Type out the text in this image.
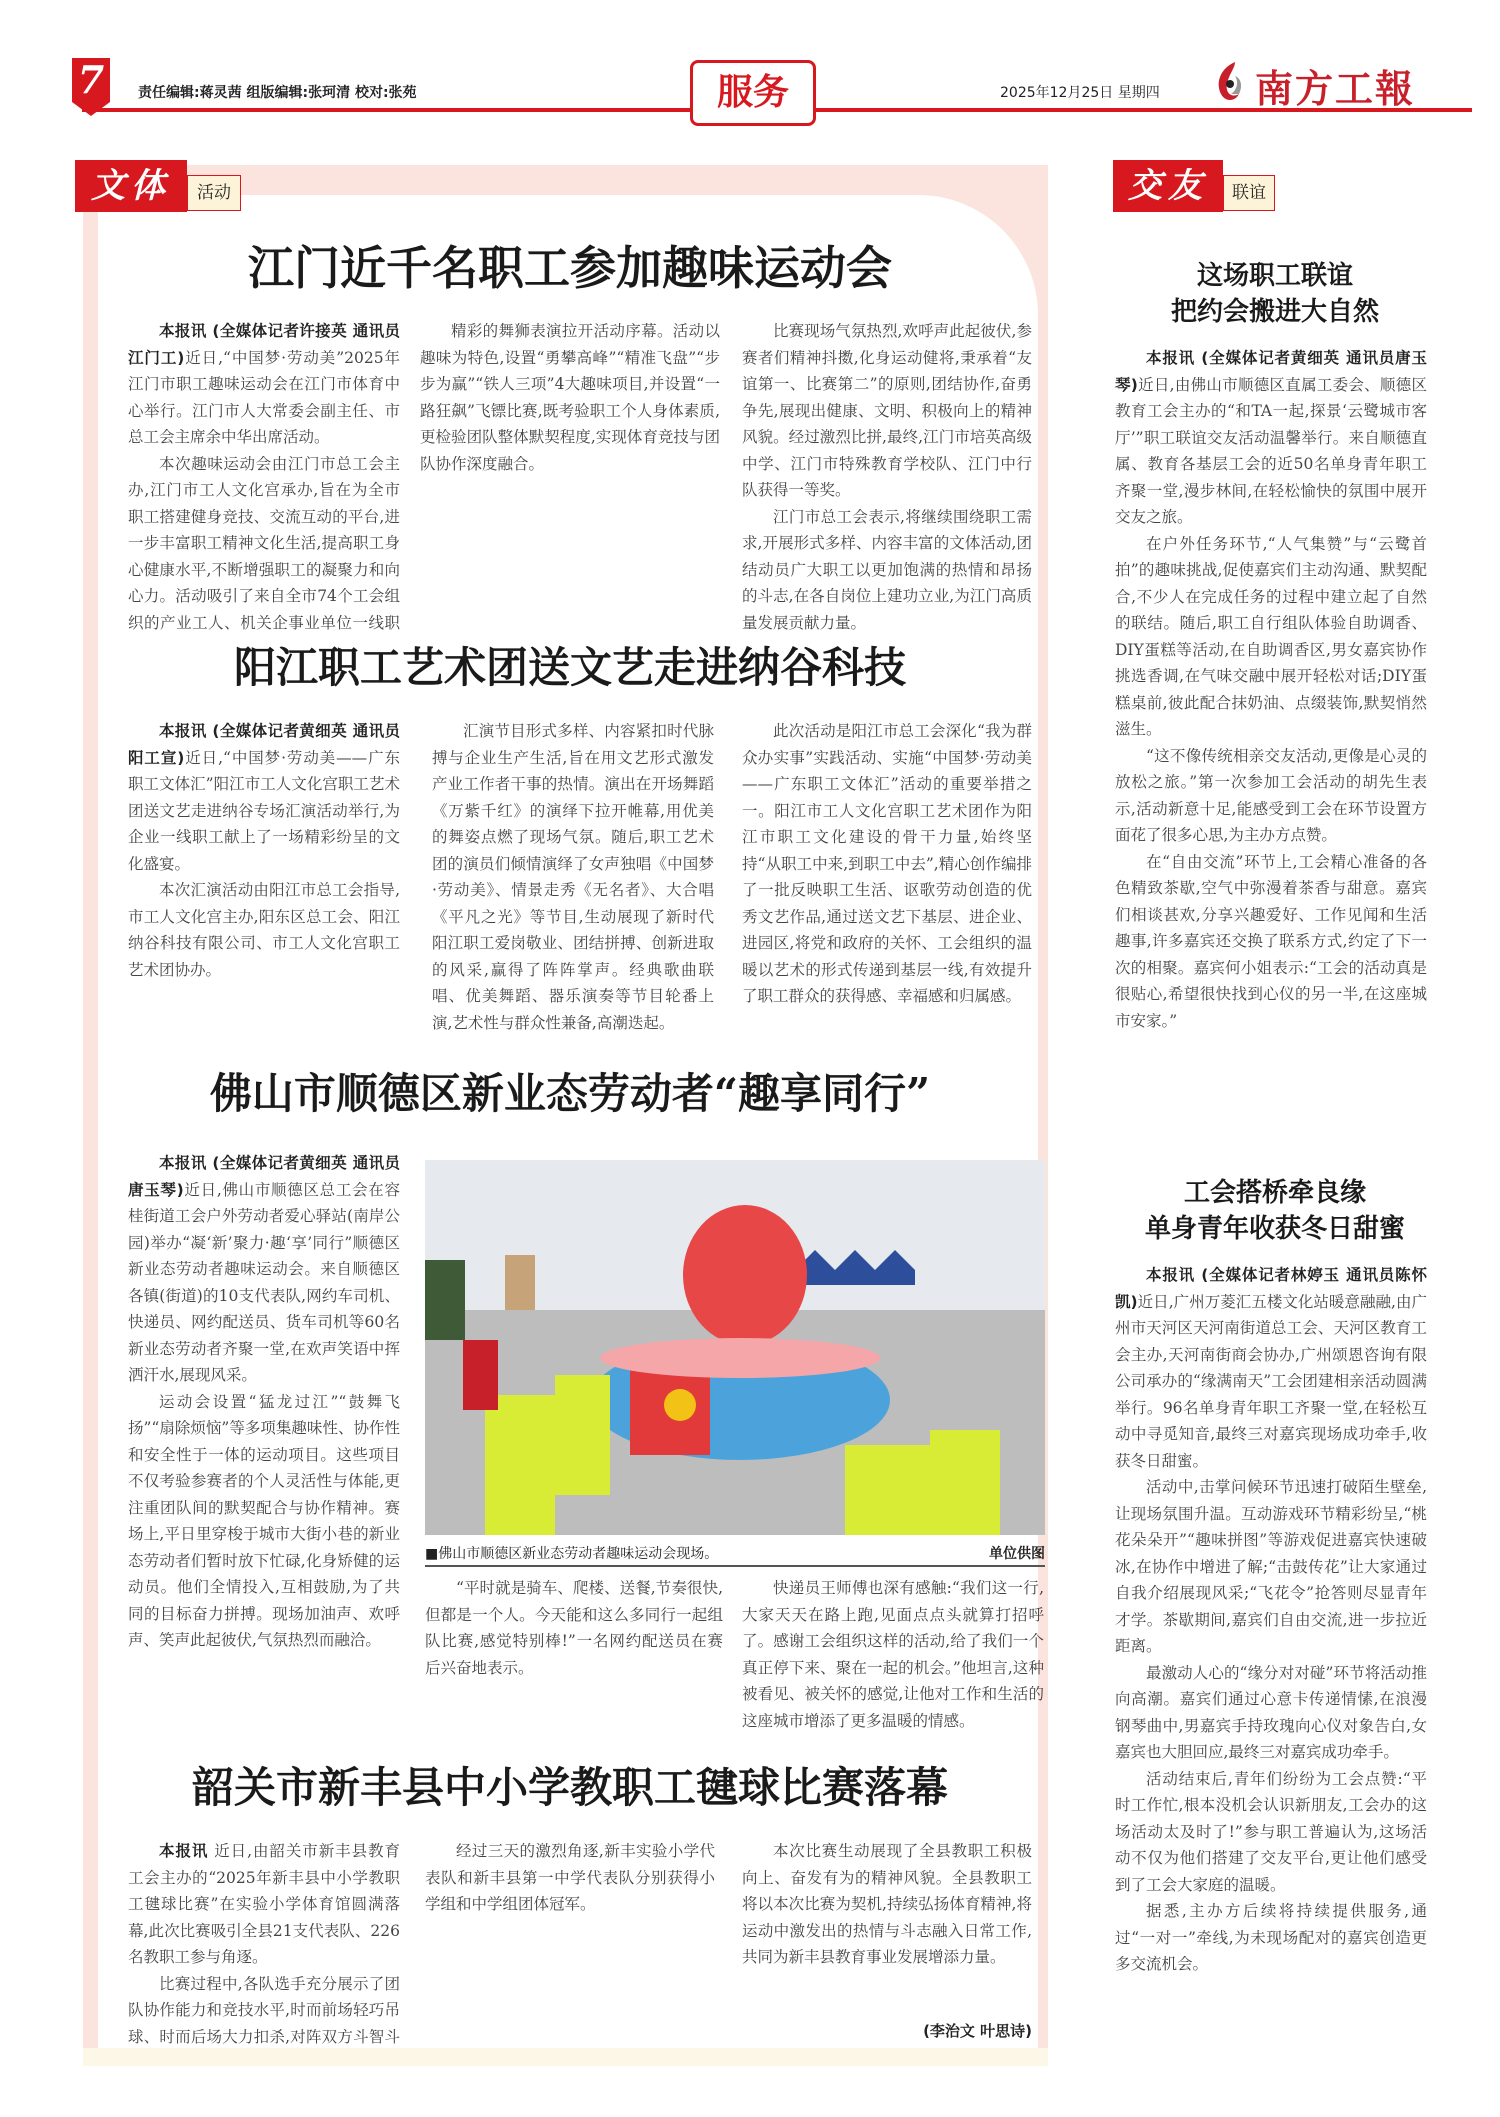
7	责任编辑:蒋灵茜 组版编辑:张珂清 校对:张苑	服务	2025年12月25日 星期四	南方工報
文体	活动
江门近千名职工参加趣味运动会

本报讯 (全媒体记者许接英 通讯员江门工)近日,“中国梦·劳动美”2025年江门市职工趣味运动会在江门市体育中心举行。江门市人大常委会副主任、市总工会主席余中华出席活动。

本次趣味运动会由江门市总工会主办,江门市工人文化宫承办,旨在为全市职工搭建健身竞技、交流互动的平台,进一步丰富职工精神文化生活,提高职工身心健康水平,不断增强职工的凝聚力和向心力。活动吸引了来自全市74个工会组织的产业工人、机关企事业单位一线职

精彩的舞狮表演拉开活动序幕。活动以趣味为特色,设置“勇攀高峰”“精准飞盘”“步步为赢”“铁人三项”4大趣味项目,并设置“一路狂飙”飞镖比赛,既考验职工个人身体素质,更检验团队整体默契程度,实现体育竞技与团队协作深度融合。

比赛现场气氛热烈,欢呼声此起彼伏,参赛者们精神抖擞,化身运动健将,秉承着“友谊第一、比赛第二”的原则,团结协作,奋勇争先,展现出健康、文明、积极向上的精神风貌。经过激烈比拼,最终,江门市培英高级中学、江门市特殊教育学校队、江门中行队获得一等奖。

江门市总工会表示,将继续围绕职工需求,开展形式多样、内容丰富的文体活动,团结动员广大职工以更加饱满的热情和昂扬的斗志,在各自岗位上建功立业,为江门高质量发展贡献力量。

阳江职工艺术团送文艺走进纳谷科技

本报讯 (全媒体记者黄细英 通讯员阳工宣)近日,“中国梦·劳动美——广东职工文体汇”阳江市工人文化宫职工艺术团送文艺走进纳谷专场汇演活动举行,为企业一线职工献上了一场精彩纷呈的文化盛宴。

本次汇演活动由阳江市总工会指导,市工人文化宫主办,阳东区总工会、阳江纳谷科技有限公司、市工人文化宫职工艺术团协办。

汇演节目形式多样、内容紧扣时代脉搏与企业生产生活,旨在用文艺形式激发产业工作者干事的热情。演出在开场舞蹈《万紫千红》的演绎下拉开帷幕,用优美的舞姿点燃了现场气氛。随后,职工艺术团的演员们倾情演绎了女声独唱《中国梦·劳动美》、情景走秀《无名者》、大合唱《平凡之光》等节目,生动展现了新时代阳江职工爱岗敬业、团结拼搏、创新进取的风采,赢得了阵阵掌声。经典歌曲联唱、优美舞蹈、器乐演奏等节目轮番上演,艺术性与群众性兼备,高潮迭起。

此次活动是阳江市总工会深化“我为群众办实事”实践活动、实施“中国梦·劳动美——广东职工文体汇”活动的重要举措之一。阳江市工人文化宫职工艺术团作为阳江市职工文化建设的骨干力量,始终坚持“从职工中来,到职工中去”,精心创作编排了一批反映职工生活、讴歌劳动创造的优秀文艺作品,通过送文艺下基层、进企业、进园区,将党和政府的关怀、工会组织的温暖以艺术的形式传递到基层一线,有效提升了职工群众的获得感、幸福感和归属感。

佛山市顺德区新业态劳动者“趣享同行”

本报讯 (全媒体记者黄细英 通讯员唐玉琴)近日,佛山市顺德区总工会在容桂街道工会户外劳动者爱心驿站(南岸公园)举办“凝‘新’聚力·趣‘享’同行”顺德区新业态劳动者趣味运动会。来自顺德区各镇(街道)的10支代表队,网约车司机、快递员、网约配送员、货车司机等60名新业态劳动者齐聚一堂,在欢声笑语中挥洒汗水,展现风采。

运动会设置“猛龙过江”“鼓舞飞扬”“扇除烦恼”等多项集趣味性、协作性和安全性于一体的运动项目。这些项目不仅考验参赛者的个人灵活性与体能,更注重团队间的默契配合与协作精神。赛场上,平日里穿梭于城市大街小巷的新业态劳动者们暂时放下忙碌,化身矫健的运动员。他们全情投入,互相鼓励,为了共同的目标奋力拼搏。现场加油声、欢呼声、笑声此起彼伏,气氛热烈而融洽。

■佛山市顺德区新业态劳动者趣味运动会现场。	单位供图

“平时就是骑车、爬楼、送餐,节奏很快,但都是一个人。今天能和这么多同行一起组队比赛,感觉特别棒!”一名网约配送员在赛后兴奋地表示。

快递员王师傅也深有感触:“我们这一行,大家天天在路上跑,见面点点头就算打招呼了。感谢工会组织这样的活动,给了我们一个真正停下来、聚在一起的机会。”他坦言,这种被看见、被关怀的感觉,让他对工作和生活的这座城市增添了更多温暖的情感。

韶关市新丰县中小学教职工毽球比赛落幕

本报讯 近日,由韶关市新丰县教育工会主办的“2025年新丰县中小学教职工毽球比赛”在实验小学体育馆圆满落幕,此次比赛吸引全县21支代表队、226名教职工参与角逐。

比赛过程中,各队选手充分展示了团队协作能力和竞技水平,时而前场轻巧吊球、时而后场大力扣杀,对阵双方斗智斗

经过三天的激烈角逐,新丰实验小学代表队和新丰县第一中学代表队分别获得小学组和中学组团体冠军。

本次比赛生动展现了全县教职工积极向上、奋发有为的精神风貌。全县教职工将以本次比赛为契机,持续弘扬体育精神,将运动中激发出的热情与斗志融入日常工作,共同为新丰县教育事业发展增添力量。

(李治文 叶思诗)
交友	联谊
这场职工联谊
把约会搬进大自然

本报讯 (全媒体记者黄细英 通讯员唐玉琴)近日,由佛山市顺德区直属工委会、顺德区教育工会主办的“和TA一起,探景‘云鹭城市客厅’”职工联谊交友活动温馨举行。来自顺德直属、教育各基层工会的近50名单身青年职工齐聚一堂,漫步林间,在轻松愉快的氛围中展开交友之旅。

在户外任务环节,“人气集赞”与“云鹭首拍”的趣味挑战,促使嘉宾们主动沟通、默契配合,不少人在完成任务的过程中建立起了自然的联结。随后,职工自行组队体验自助调香、DIY蛋糕等活动,在自助调香区,男女嘉宾协作挑选香调,在气味交融中展开轻松对话;DIY蛋糕桌前,彼此配合抹奶油、点缀装饰,默契悄然滋生。

“这不像传统相亲交友活动,更像是心灵的放松之旅。”第一次参加工会活动的胡先生表示,活动新意十足,能感受到工会在环节设置方面花了很多心思,为主办方点赞。

在“自由交流”环节上,工会精心准备的各色精致茶歇,空气中弥漫着茶香与甜意。嘉宾们相谈甚欢,分享兴趣爱好、工作见闻和生活趣事,许多嘉宾还交换了联系方式,约定了下一次的相聚。嘉宾何小姐表示:“工会的活动真是很贴心,希望很快找到心仪的另一半,在这座城市安家。”

工会搭桥牵良缘
单身青年收获冬日甜蜜

本报讯 (全媒体记者林婷玉 通讯员陈怀凯)近日,广州万菱汇五楼文化站暖意融融,由广州市天河区天河南街道总工会、天河区教育工会主办,天河南街商会协办,广州颂恩咨询有限公司承办的“缘满南天”工会团建相亲活动圆满举行。96名单身青年职工齐聚一堂,在轻松互动中寻觅知音,最终三对嘉宾现场成功牵手,收获冬日甜蜜。

活动中,击掌问候环节迅速打破陌生壁垒,让现场氛围升温。互动游戏环节精彩纷呈,“桃花朵朵开”“趣味拼图”等游戏促进嘉宾快速破冰,在协作中增进了解;“击鼓传花”让大家通过自我介绍展现风采;“飞花令”抢答则尽显青年才学。茶歇期间,嘉宾们自由交流,进一步拉近距离。

最激动人心的“缘分对对碰”环节将活动推向高潮。嘉宾们通过心意卡传递情愫,在浪漫钢琴曲中,男嘉宾手持玫瑰向心仪对象告白,女嘉宾也大胆回应,最终三对嘉宾成功牵手。

活动结束后,青年们纷纷为工会点赞:“平时工作忙,根本没机会认识新朋友,工会办的这场活动太及时了!”参与职工普遍认为,这场活动不仅为他们搭建了交友平台,更让他们感受到了工会大家庭的温暖。

据悉,主办方后续将持续提供服务,通过“一对一”牵线,为未现场配对的嘉宾创造更多交流机会。
